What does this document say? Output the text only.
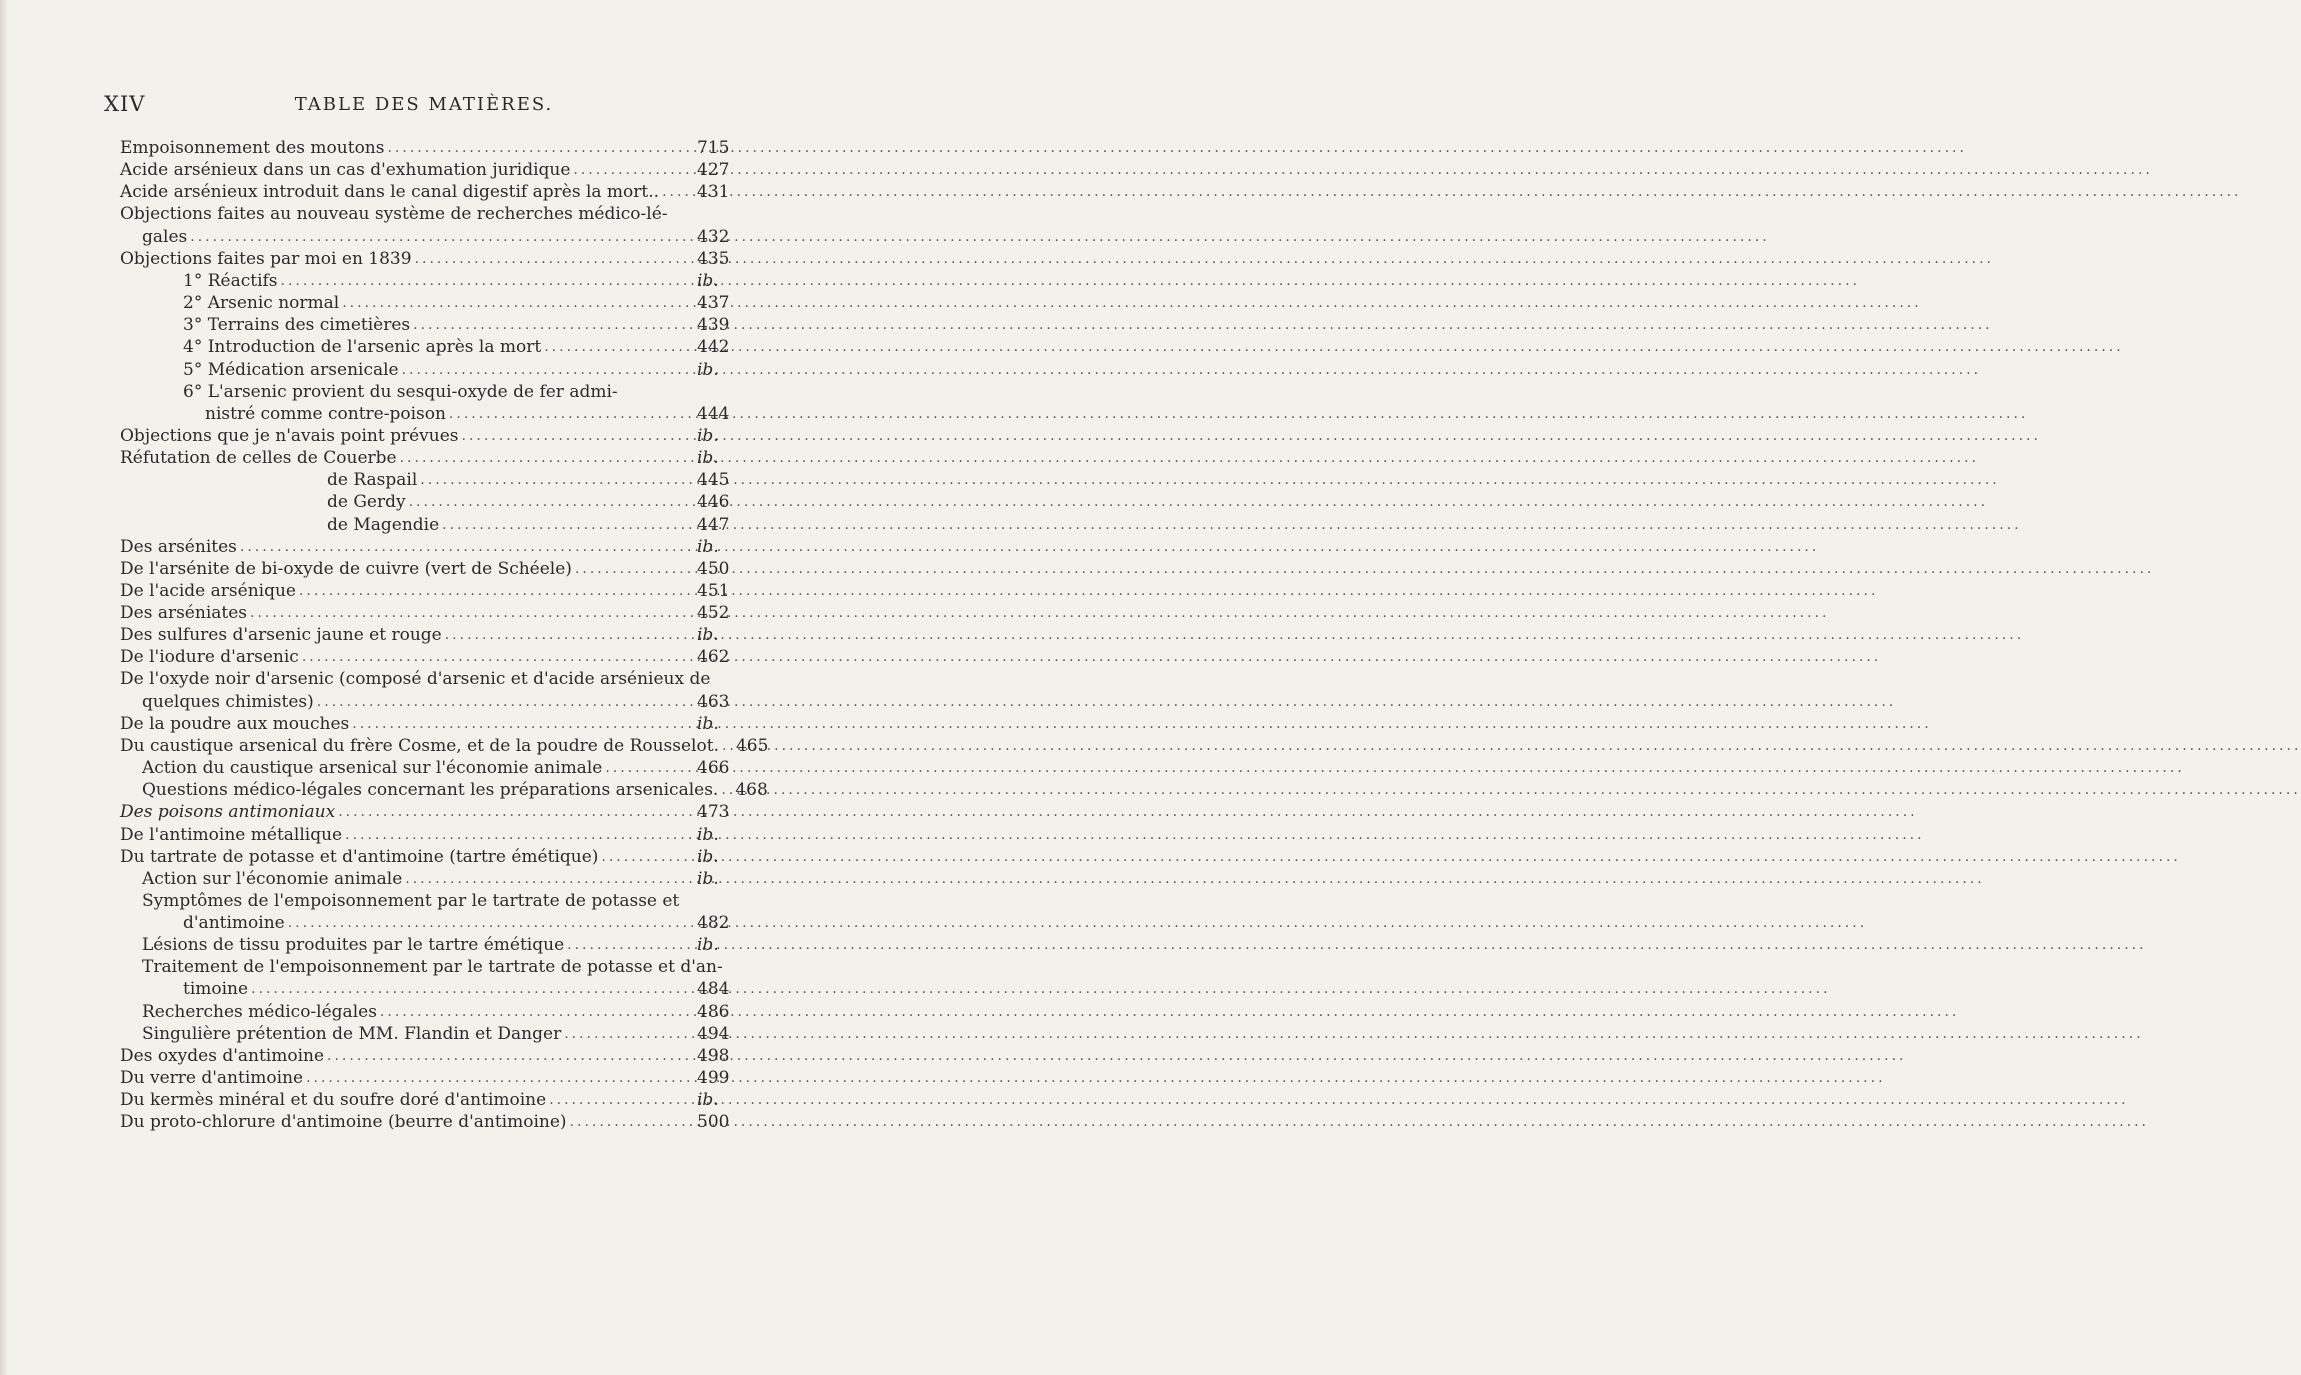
XIV	TABLE DES MATIÈRES.
Empoisonnement des moutons .....	715
Acide arsénieux dans un cas d'exhumation juridique .....	427
Acide arsénieux introduit dans le canal digestif après la mort.. ..... 431
Objections faites au nouveau système de recherches médico-lé-
gales .....	432
Objections faites par moi en 1839 .....	435
1° Réactifs .....	ib.
2° Arsenic normal .....	437
3° Terrains des cimetières .....	439
4° Introduction de l'arsenic après la mort .....	442
5° Médication arsenicale .....	ib.
6° L'arsenic provient du sesqui-oxyde de fer admi-
nistré comme contre-poison .....	444
Objections que je n'avais point prévues .....	ib.
Réfutation de celles de Couerbe .....	ib.
de Raspail .....	445
de Gerdy .....	446
de Magendie .....	447
Des arsénites .....	ib.
De l'arsénite de bi-oxyde de cuivre (vert de Schéele) .....	450
De l'acide arsénique .....	451
Des arséniates .....	452
Des sulfures d'arsenic jaune et rouge .....	ib.
De l'iodure d'arsenic .....	462
De l'oxyde noir d'arsenic (composé d'arsenic et d'acide arsénieux de
quelques chimistes) .....	463
De la poudre aux mouches .....	ib.
Du caustique arsenical du frère Cosme, et de la poudre de Rousselot. ..... 465
Action du caustique arsenical sur l'économie animale .....	466
Questions médico-légales concernant les préparations arsenicales. ..... 468
Des poisons antimoniaux .....	473
De l'antimoine métallique .....	ib.
Du tartrate de potasse et d'antimoine (tartre émétique) .....	ib.
Action sur l'économie animale .....	ib.
Symptômes de l'empoisonnement par le tartrate de potasse et
d'antimoine .....	482
Lésions de tissu produites par le tartre émétique .....	ib.
Traitement de l'empoisonnement par le tartrate de potasse et d'an-
timoine .....	484
Recherches médico-légales .....	486
Singulière prétention de MM. Flandin et Danger .....	494
Des oxydes d'antimoine .....	498
Du verre d'antimoine .....	499
Du kermès minéral et du soufre doré d'antimoine .....	ib.
Du proto-chlorure d'antimoine (beurre d'antimoine) .....	500
